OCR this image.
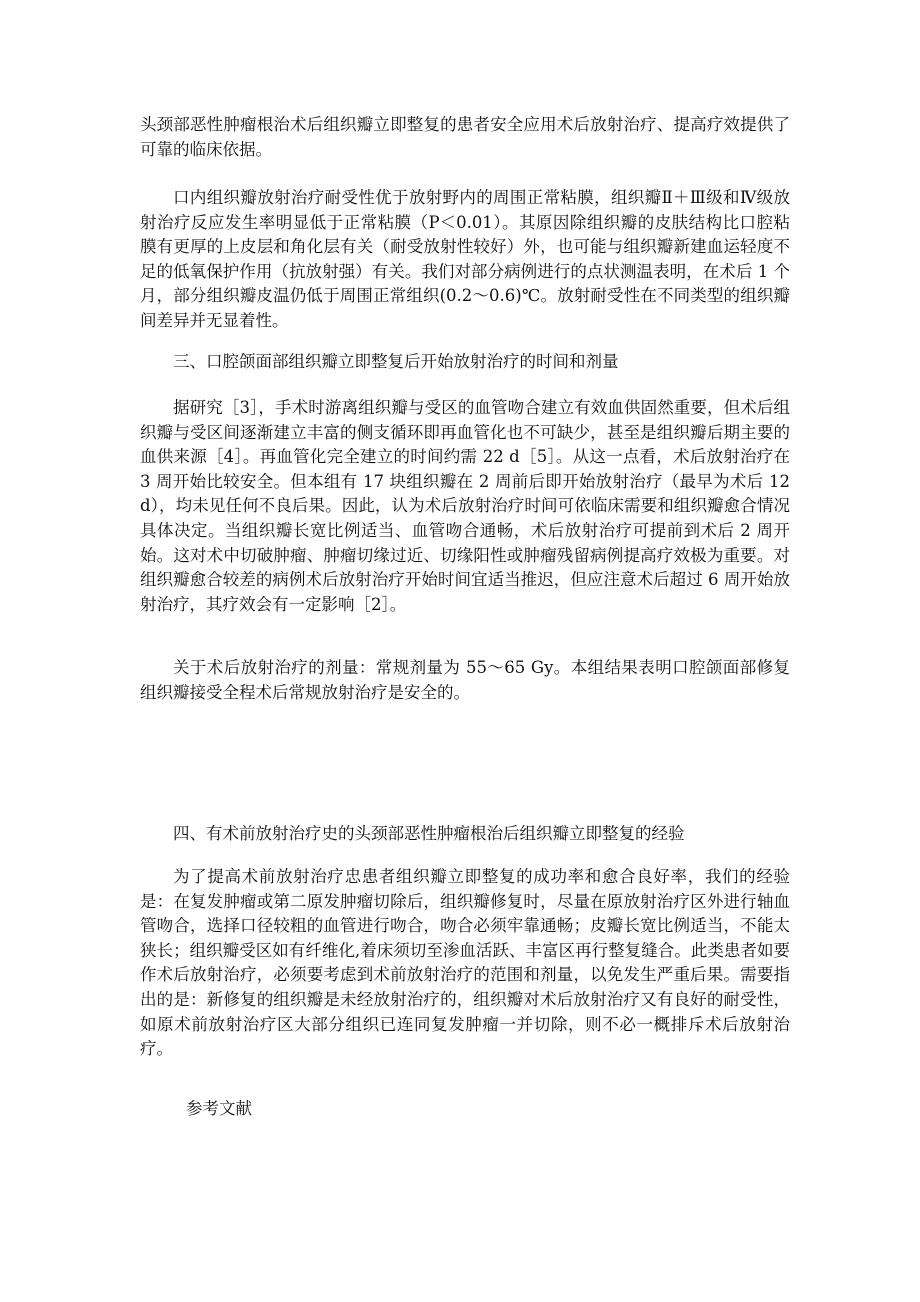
头颈部恶性肿瘤根治术后组织瓣立即整复的患者安全应用术后放射治疗、提高疗效提供了可靠的临床依据。

口内组织瓣放射治疗耐受性优于放射野内的周围正常粘膜，组织瓣Ⅱ＋Ⅲ级和Ⅳ级放射治疗反应发生率明显低于正常粘膜（P＜0.01）。其原因除组织瓣的皮肤结构比口腔粘膜有更厚的上皮层和角化层有关（耐受放射性较好）外，也可能与组织瓣新建血运轻度不足的低氧保护作用（抗放射强）有关。我们对部分病例进行的点状测温表明，在术后 1 个月，部分组织瓣皮温仍低于周围正常组织(0.2～0.6)℃。放射耐受性在不同类型的组织瓣间差异并无显着性。

三、口腔颌面部组织瓣立即整复后开始放射治疗的时间和剂量

据研究［3］，手术时游离组织瓣与受区的血管吻合建立有效血供固然重要，但术后组织瓣与受区间逐渐建立丰富的侧支循环即再血管化也不可缺少，甚至是组织瓣后期主要的血供来源［4］。再血管化完全建立的时间约需 22 d［5］。从这一点看，术后放射治疗在 3 周开始比较安全。但本组有 17 块组织瓣在 2 周前后即开始放射治疗（最早为术后 12 d），均未见任何不良后果。因此，认为术后放射治疗时间可依临床需要和组织瓣愈合情况具体决定。当组织瓣长宽比例适当、血管吻合通畅，术后放射治疗可提前到术后 2 周开始。这对术中切破肿瘤、肿瘤切缘过近、切缘阳性或肿瘤残留病例提高疗效极为重要。对组织瓣愈合较差的病例术后放射治疗开始时间宜适当推迟，但应注意术后超过 6 周开始放射治疗，其疗效会有一定影响［2］。

关于术后放射治疗的剂量：常规剂量为 55～65 Gy。本组结果表明口腔颌面部修复组织瓣接受全程术后常规放射治疗是安全的。

四、有术前放射治疗史的头颈部恶性肿瘤根治后组织瓣立即整复的经验

为了提高术前放射治疗忠患者组织瓣立即整复的成功率和愈合良好率，我们的经验是：在复发肿瘤或第二原发肿瘤切除后，组织瓣修复时，尽量在原放射治疗区外进行轴血管吻合，选择口径较粗的血管进行吻合，吻合必须牢靠通畅；皮瓣长宽比例适当，不能太狭长；组织瓣受区如有纤维化,着床须切至渗血活跃、丰富区再行整复缝合。此类患者如要作术后放射治疗，必须要考虑到术前放射治疗的范围和剂量，以免发生严重后果。需要指出的是：新修复的组织瓣是未经放射治疗的，组织瓣对术后放射治疗又有良好的耐受性，如原术前放射治疗区大部分组织已连同复发肿瘤一并切除，则不必一概排斥术后放射治疗。

参考文献
